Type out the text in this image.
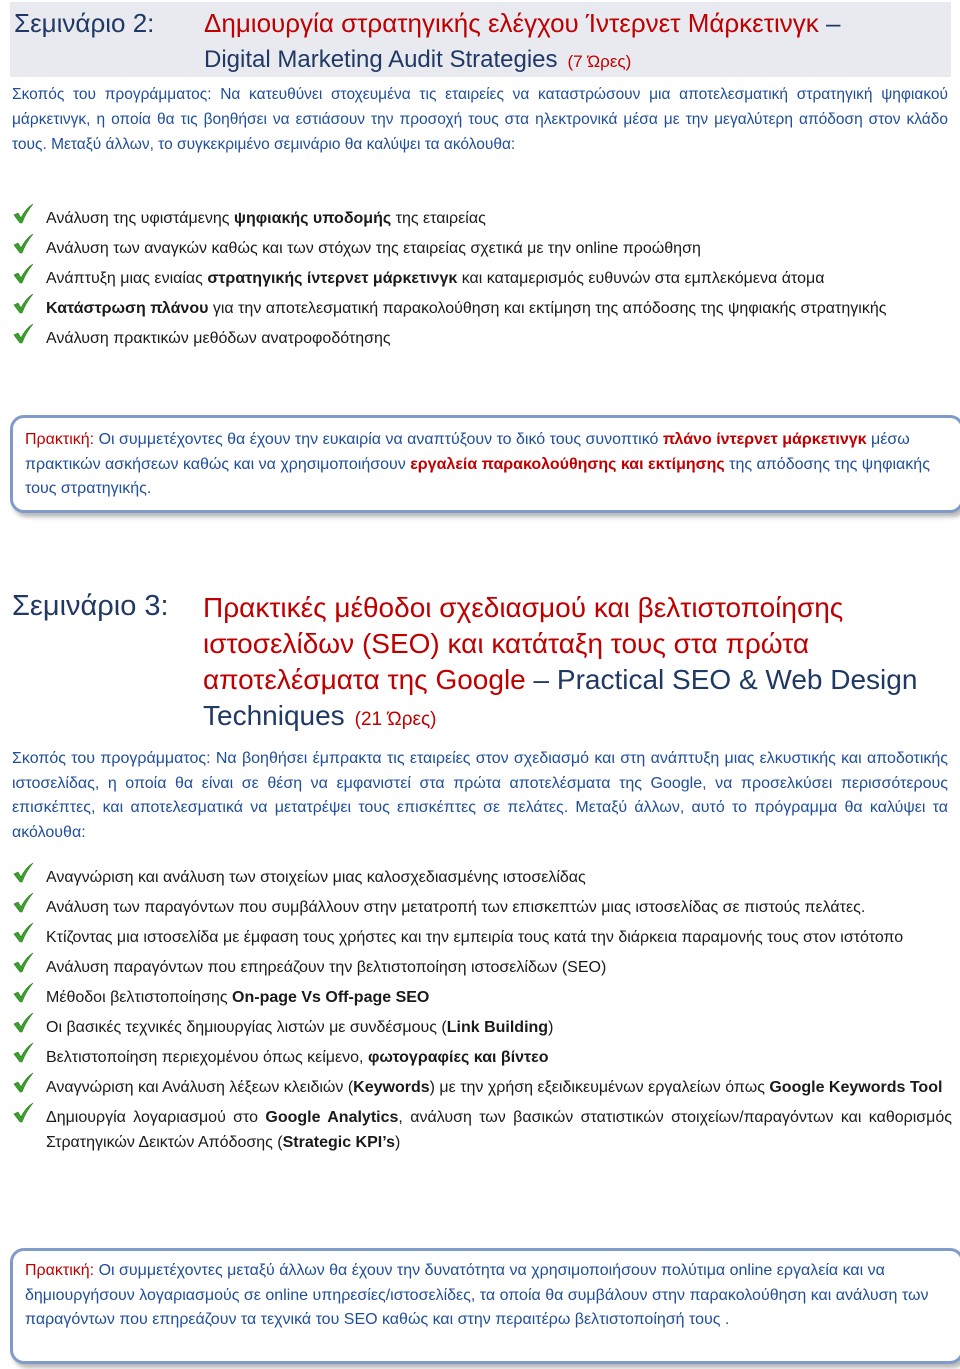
Σεμινάριο 2: Δημιουργία στρατηγικής ελέγχου Ίντερνετ Μάρκετινγκ –
Digital Marketing Audit Strategies (7 Ώρες)

Σκοπός του προγράμματος: Να κατευθύνει στοχευμένα τις εταιρείες να καταστρώσουν μια αποτελεσματική στρατηγική ψηφιακού μάρκετινγκ, η οποία θα τις βοηθήσει να εστιάσουν την προσοχή τους στα ηλεκτρονικά μέσα με την μεγαλύτερη απόδοση στον κλάδο τους. Μεταξύ άλλων, το συγκεκριμένο σεμινάριο θα καλύψει τα ακόλουθα:

Ανάλυση της υφιστάμενης ψηφιακής υποδομής της εταιρείας
Ανάλυση των αναγκών καθώς και των στόχων της εταιρείας σχετικά με την online προώθηση
Ανάπτυξη μιας ενιαίας στρατηγικής ίντερνετ μάρκετινγκ και καταμερισμός ευθυνών στα εμπλεκόμενα άτομα
Κατάστρωση πλάνου για την αποτελεσματική παρακολούθηση και εκτίμηση της απόδοσης της ψηφιακής στρατηγικής
Ανάλυση πρακτικών μεθόδων ανατροφοδότησης

Πρακτική: Οι συμμετέχοντες θα έχουν την ευκαιρία να αναπτύξουν το δικό τους συνοπτικό πλάνο ίντερνετ μάρκετινγκ μέσω πρακτικών ασκήσεων καθώς και να χρησιμοποιήσουν εργαλεία παρακολούθησης και εκτίμησης της απόδοσης της ψηφιακής τους στρατηγικής.

Σεμινάριο 3: Πρακτικές μέθοδοι σχεδιασμού και βελτιστοποίησης ιστοσελίδων (SEO) και κατάταξη τους στα πρώτα αποτελέσματα της Google – Practical SEO & Web Design Techniques (21 Ώρες)

Σκοπός του προγράμματος: Να βοηθήσει έμπρακτα τις εταιρείες στον σχεδιασμό και στη ανάπτυξη μιας ελκυστικής και αποδοτικής ιστοσελίδας, η οποία θα είναι σε θέση να εμφανιστεί στα πρώτα αποτελέσματα της Google, να προσελκύσει περισσότερους επισκέπτες, και αποτελεσματικά να μετατρέψει τους επισκέπτες σε πελάτες. Μεταξύ άλλων, αυτό το πρόγραμμα θα καλύψει τα ακόλουθα:

Αναγνώριση και ανάλυση των στοιχείων μιας καλοσχεδιασμένης ιστοσελίδας
Ανάλυση των παραγόντων που συμβάλλουν στην μετατροπή των επισκεπτών μιας ιστοσελίδας σε πιστούς πελάτες.
Κτίζοντας μια ιστοσελίδα με έμφαση τους χρήστες και την εμπειρία τους κατά την διάρκεια παραμονής τους στον ιστότοπο
Ανάλυση παραγόντων που επηρεάζουν την βελτιστοποίηση ιστοσελίδων (SEO)
Μέθοδοι βελτιστοποίησης On-page Vs Off-page SEO
Οι βασικές τεχνικές δημιουργίας λιστών με συνδέσμους (Link Building)
Βελτιστοποίηση περιεχομένου όπως κείμενο, φωτογραφίες και βίντεο
Αναγνώριση και Ανάλυση λέξεων κλειδιών (Keywords) με την χρήση εξειδικευμένων εργαλείων όπως Google Keywords Tool
Δημιουργία λογαριασμού στο Google Analytics, ανάλυση των βασικών στατιστικών στοιχείων/παραγόντων και καθορισμός Στρατηγικών Δεικτών Απόδοσης (Strategic KPI’s)

Πρακτική: Οι συμμετέχοντες μεταξύ άλλων θα έχουν την δυνατότητα να χρησιμοποιήσουν πολύτιμα online εργαλεία και να δημιουργήσουν λογαριασμούς σε online υπηρεσίες/ιστοσελίδες, τα οποία θα συμβάλουν στην παρακολούθηση και ανάλυση των παραγόντων που επηρεάζουν τα τεχνικά του SEO καθώς και στην περαιτέρω βελτιστοποίησή τους .
